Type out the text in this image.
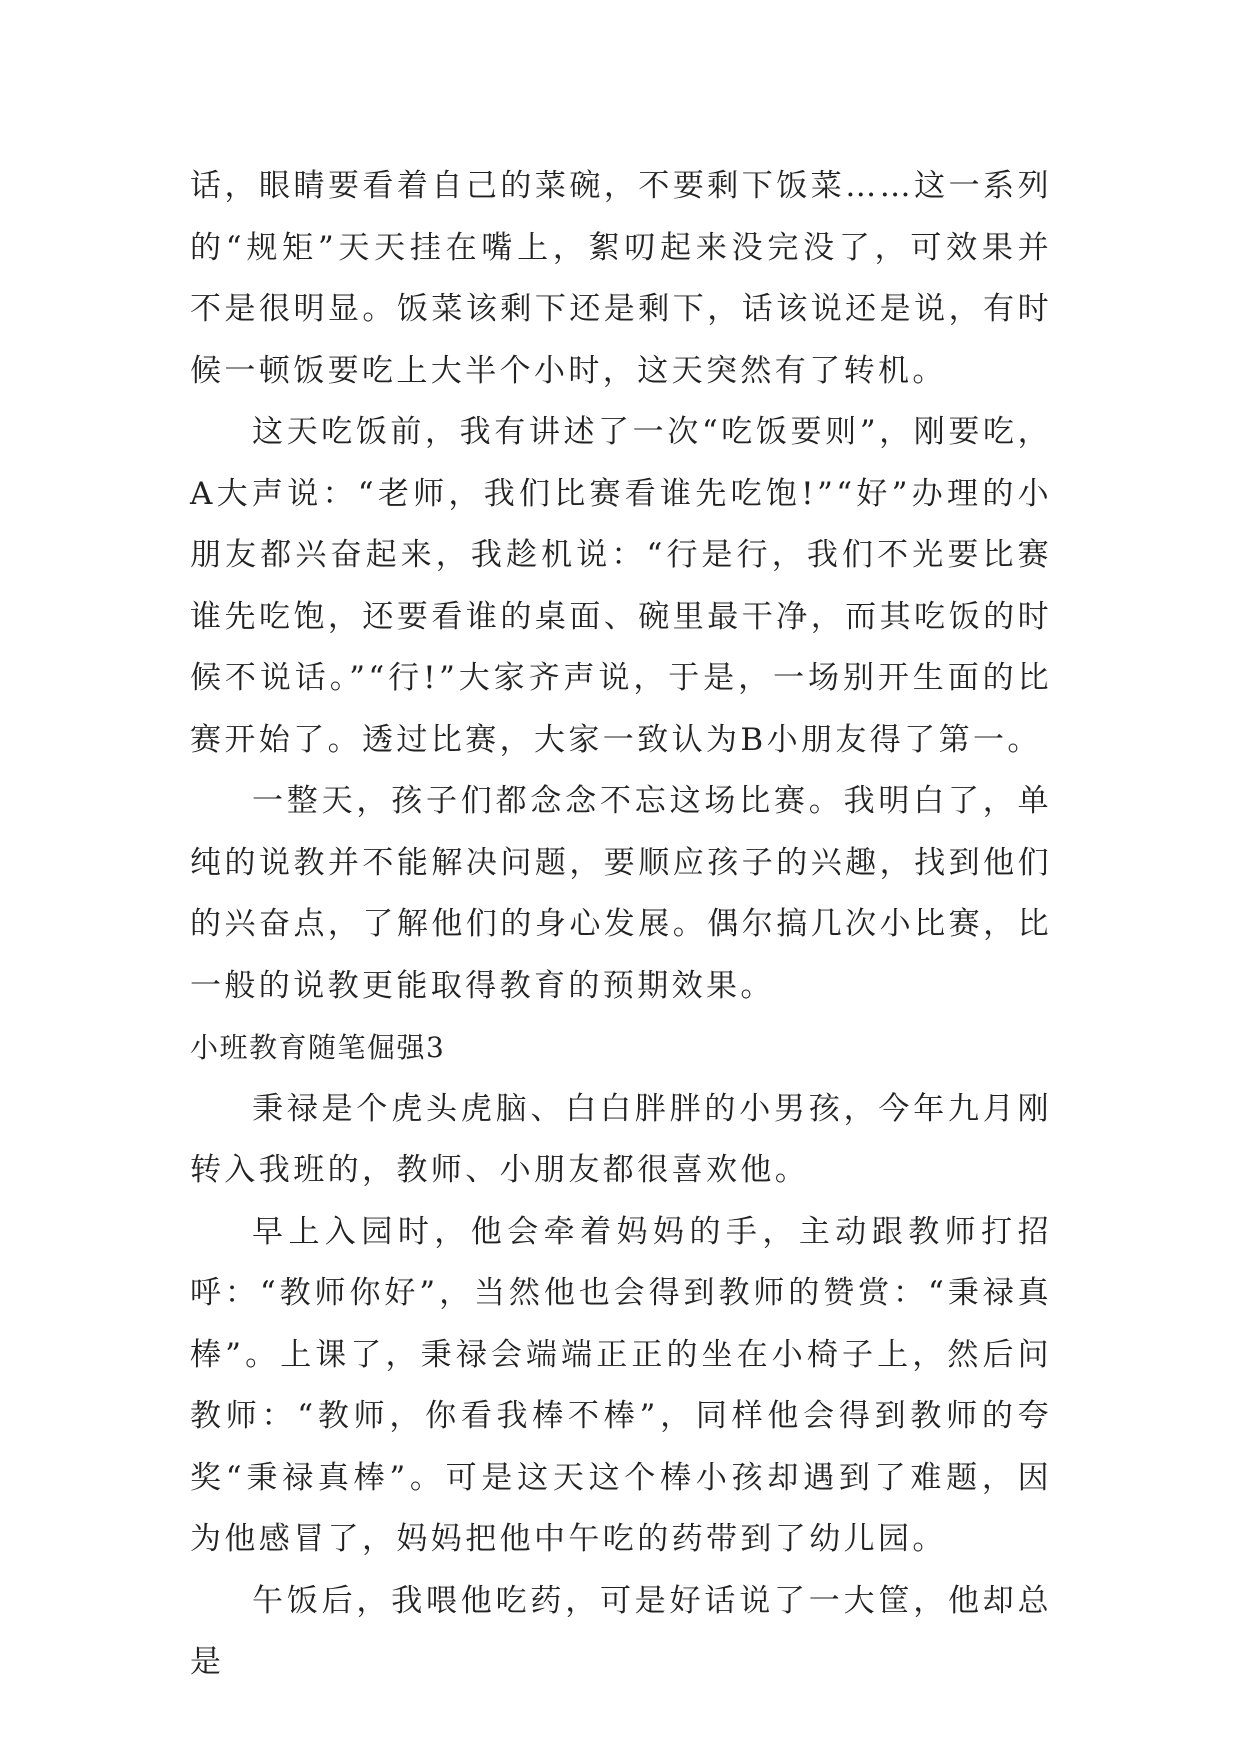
话，眼睛要看着自己的菜碗，不要剩下饭菜……这一系列的“规矩”天天挂在嘴上，絮叨起来没完没了，可效果并不是很明显。饭菜该剩下还是剩下，话该说还是说，有时候一顿饭要吃上大半个小时，这天突然有了转机。

这天吃饭前，我有讲述了一次“吃饭要则”，刚要吃，A大声说：“老师，我们比赛看谁先吃饱!”“好”办理的小朋友都兴奋起来，我趁机说：“行是行，我们不光要比赛谁先吃饱，还要看谁的桌面、碗里最干净，而其吃饭的时候不说话。”“行!”大家齐声说，于是，一场别开生面的比赛开始了。透过比赛，大家一致认为B小朋友得了第一。

一整天，孩子们都念念不忘这场比赛。我明白了，单纯的说教并不能解决问题，要顺应孩子的兴趣，找到他们的兴奋点，了解他们的身心发展。偶尔搞几次小比赛，比一般的说教更能取得教育的预期效果。

小班教育随笔倔强3

秉禄是个虎头虎脑、白白胖胖的小男孩，今年九月刚转入我班的，教师、小朋友都很喜欢他。

早上入园时，他会牵着妈妈的手，主动跟教师打招呼：“教师你好”，当然他也会得到教师的赞赏：“秉禄真棒”。上课了，秉禄会端端正正的坐在小椅子上，然后问教师：“教师，你看我棒不棒”，同样他会得到教师的夸奖“秉禄真棒”。可是这天这个棒小孩却遇到了难题，因为他感冒了，妈妈把他中午吃的药带到了幼儿园。

午饭后，我喂他吃药，可是好话说了一大筐，他却总是
